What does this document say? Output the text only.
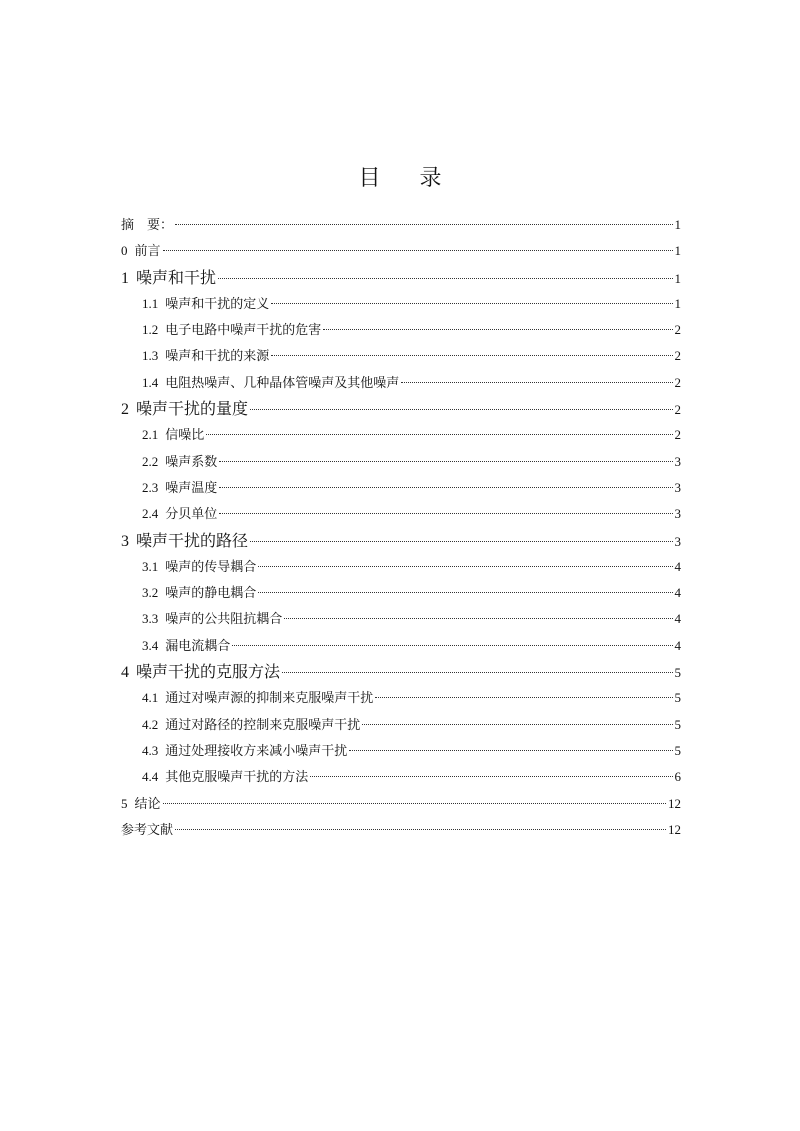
目 录
摘　要：	1
0 前言	1
1 噪声和干扰	1
1.1 噪声和干扰的定义	1
1.2 电子电路中噪声干扰的危害	2
1.3 噪声和干扰的来源	2
1.4 电阻热噪声、几种晶体管噪声及其他噪声	2
2 噪声干扰的量度	2
2.1 信噪比	2
2.2 噪声系数	3
2.3 噪声温度	3
2.4 分贝单位	3
3 噪声干扰的路径	3
3.1 噪声的传导耦合	4
3.2 噪声的静电耦合	4
3.3 噪声的公共阻抗耦合	4
3.4 漏电流耦合	4
4 噪声干扰的克服方法	5
4.1 通过对噪声源的抑制来克服噪声干扰	5
4.2 通过对路径的控制来克服噪声干扰	5
4.3 通过处理接收方来减小噪声干扰	5
4.4 其他克服噪声干扰的方法	6
5 结论	12
参考文献	12
